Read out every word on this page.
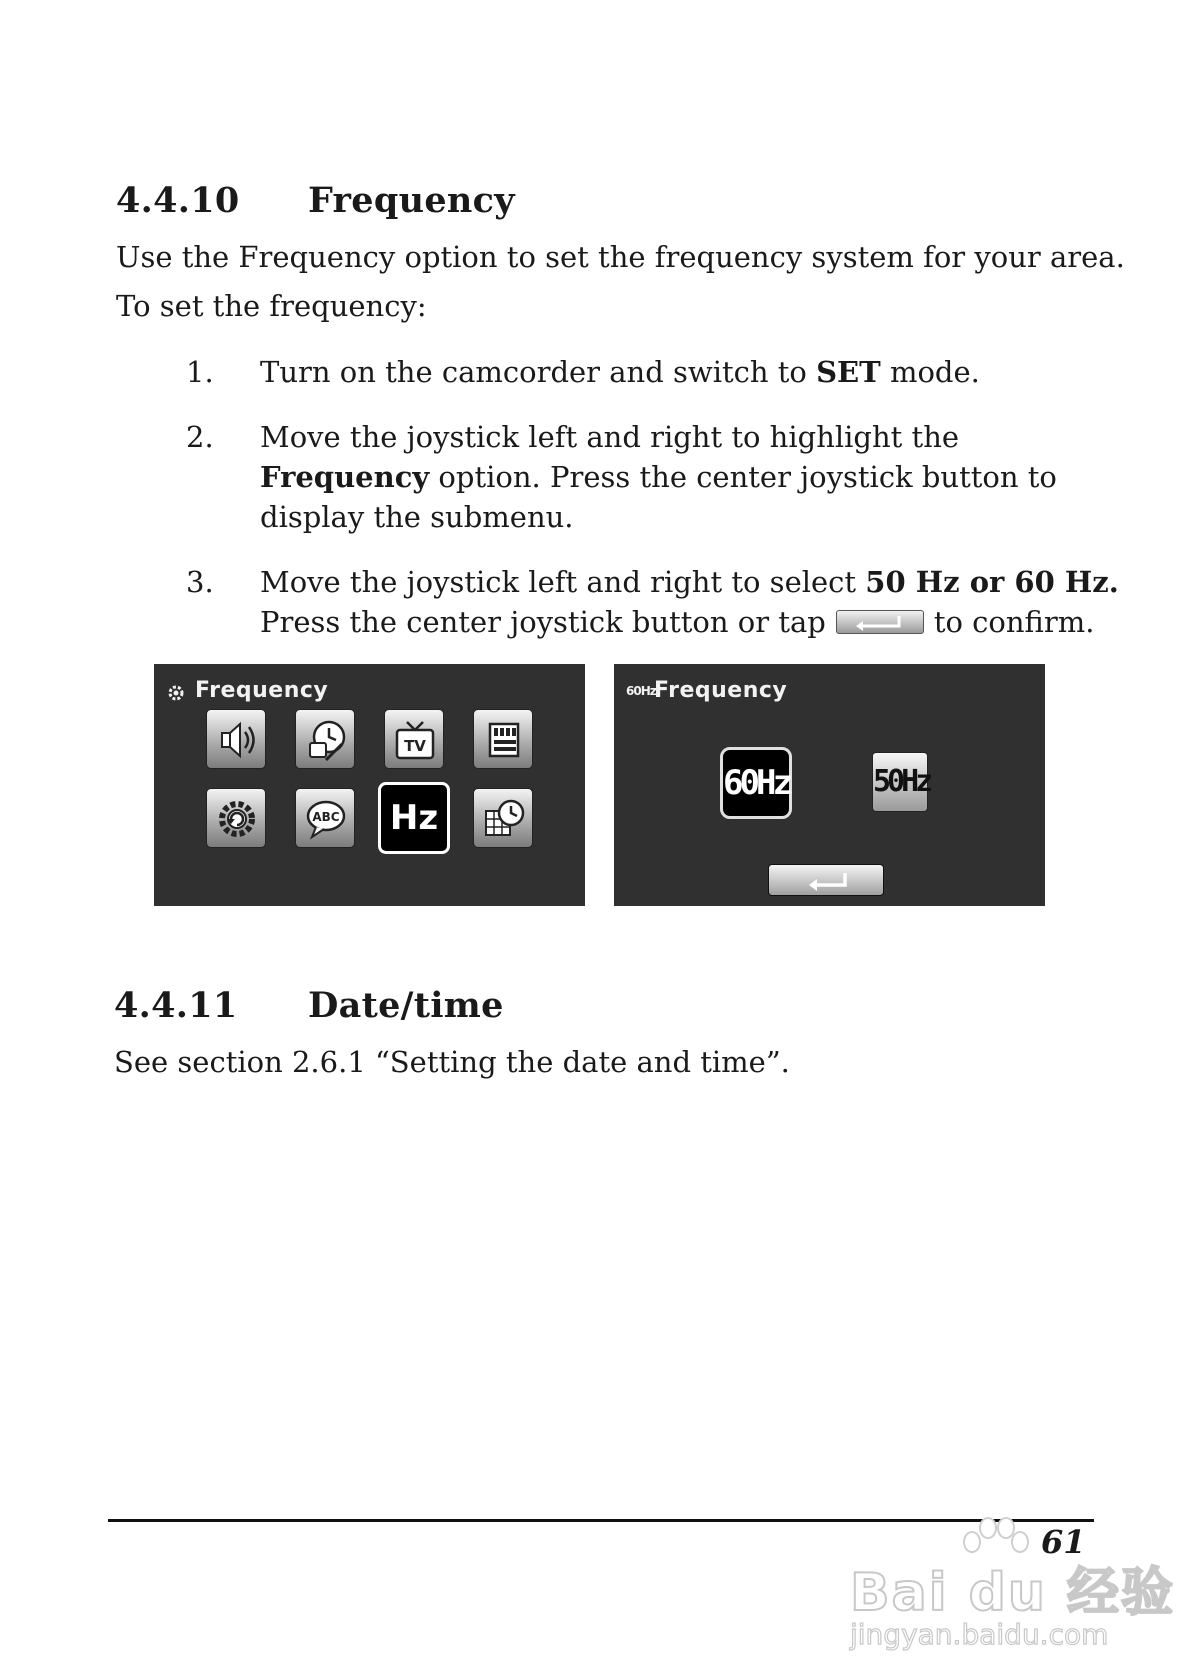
4.4.10 Frequency
Use the Frequency option to set the frequency system for your area.
To set the frequency:
1. Turn on the camcorder and switch to SET mode.
2. Move the joystick left and right to highlight the
Frequency option. Press the center joystick button to
display the submenu.
3. Move the joystick left and right to select 50 Hz or 60 Hz.
Press the center joystick button or tap	to confirm.
Frequency
TV
ABC	Hz
60Hz
Frequency
60Hz	50Hz
4.4.11 Date/time
See section 2.6.1 “Setting the date and time”.
61
Bai du 经验
jingyan.baidu.com
